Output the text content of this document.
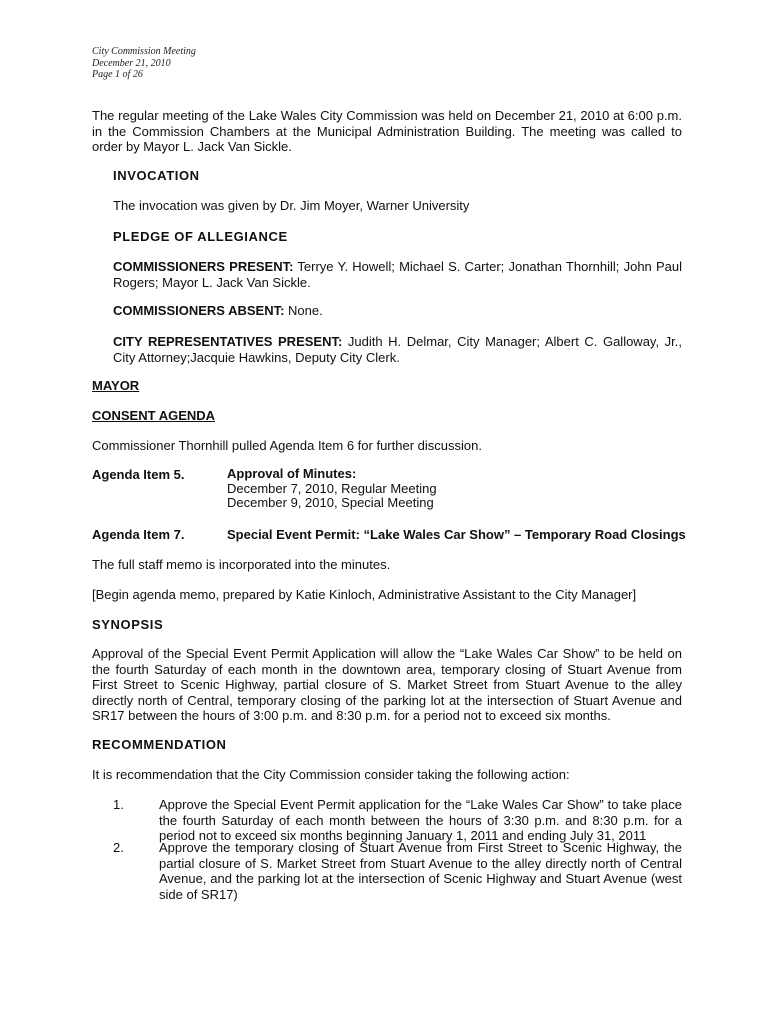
City Commission Meeting
December 21, 2010
Page 1 of 26
The regular meeting of the Lake Wales City Commission was held on December 21, 2010 at 6:00 p.m. in the Commission Chambers at the Municipal Administration Building. The meeting was called to order by Mayor L. Jack Van Sickle.
INVOCATION
The invocation was given by Dr. Jim Moyer, Warner University
PLEDGE OF ALLEGIANCE
COMMISSIONERS PRESENT: Terrye Y. Howell; Michael S. Carter; Jonathan Thornhill; John Paul Rogers; Mayor L. Jack Van Sickle.
COMMISSIONERS ABSENT: None.
CITY REPRESENTATIVES PRESENT: Judith H. Delmar, City Manager; Albert C. Galloway, Jr., City Attorney;Jacquie Hawkins, Deputy City Clerk.
MAYOR
CONSENT AGENDA
Commissioner Thornhill pulled Agenda Item 6 for further discussion.
Agenda Item 5.	Approval of Minutes:
December 7, 2010, Regular Meeting
December 9, 2010, Special Meeting
Agenda Item 7.	Special Event Permit: “Lake Wales Car Show” – Temporary Road Closings
The full staff memo is incorporated into the minutes.
[Begin agenda memo, prepared by Katie Kinloch, Administrative Assistant to the City Manager]
SYNOPSIS
Approval of the Special Event Permit Application will allow the “Lake Wales Car Show” to be held on the fourth Saturday of each month in the downtown area, temporary closing of Stuart Avenue from First Street to Scenic Highway, partial closure of S. Market Street from Stuart Avenue to the alley directly north of Central, temporary closing of the parking lot at the intersection of Stuart Avenue and SR17 between the hours of 3:00 p.m. and 8:30 p.m. for a period not to exceed six months.
RECOMMENDATION
It is recommendation that the City Commission consider taking the following action:
1.	Approve the Special Event Permit application for the “Lake Wales Car Show” to take place the fourth Saturday of each month between the hours of 3:30 p.m. and 8:30 p.m. for a period not to exceed six months beginning January 1, 2011 and ending July 31, 2011
2.	Approve the temporary closing of Stuart Avenue from First Street to Scenic Highway, the partial closure of S. Market Street from Stuart Avenue to the alley directly north of Central Avenue, and the parking lot at the intersection of Scenic Highway and Stuart Avenue (west side of SR17)
